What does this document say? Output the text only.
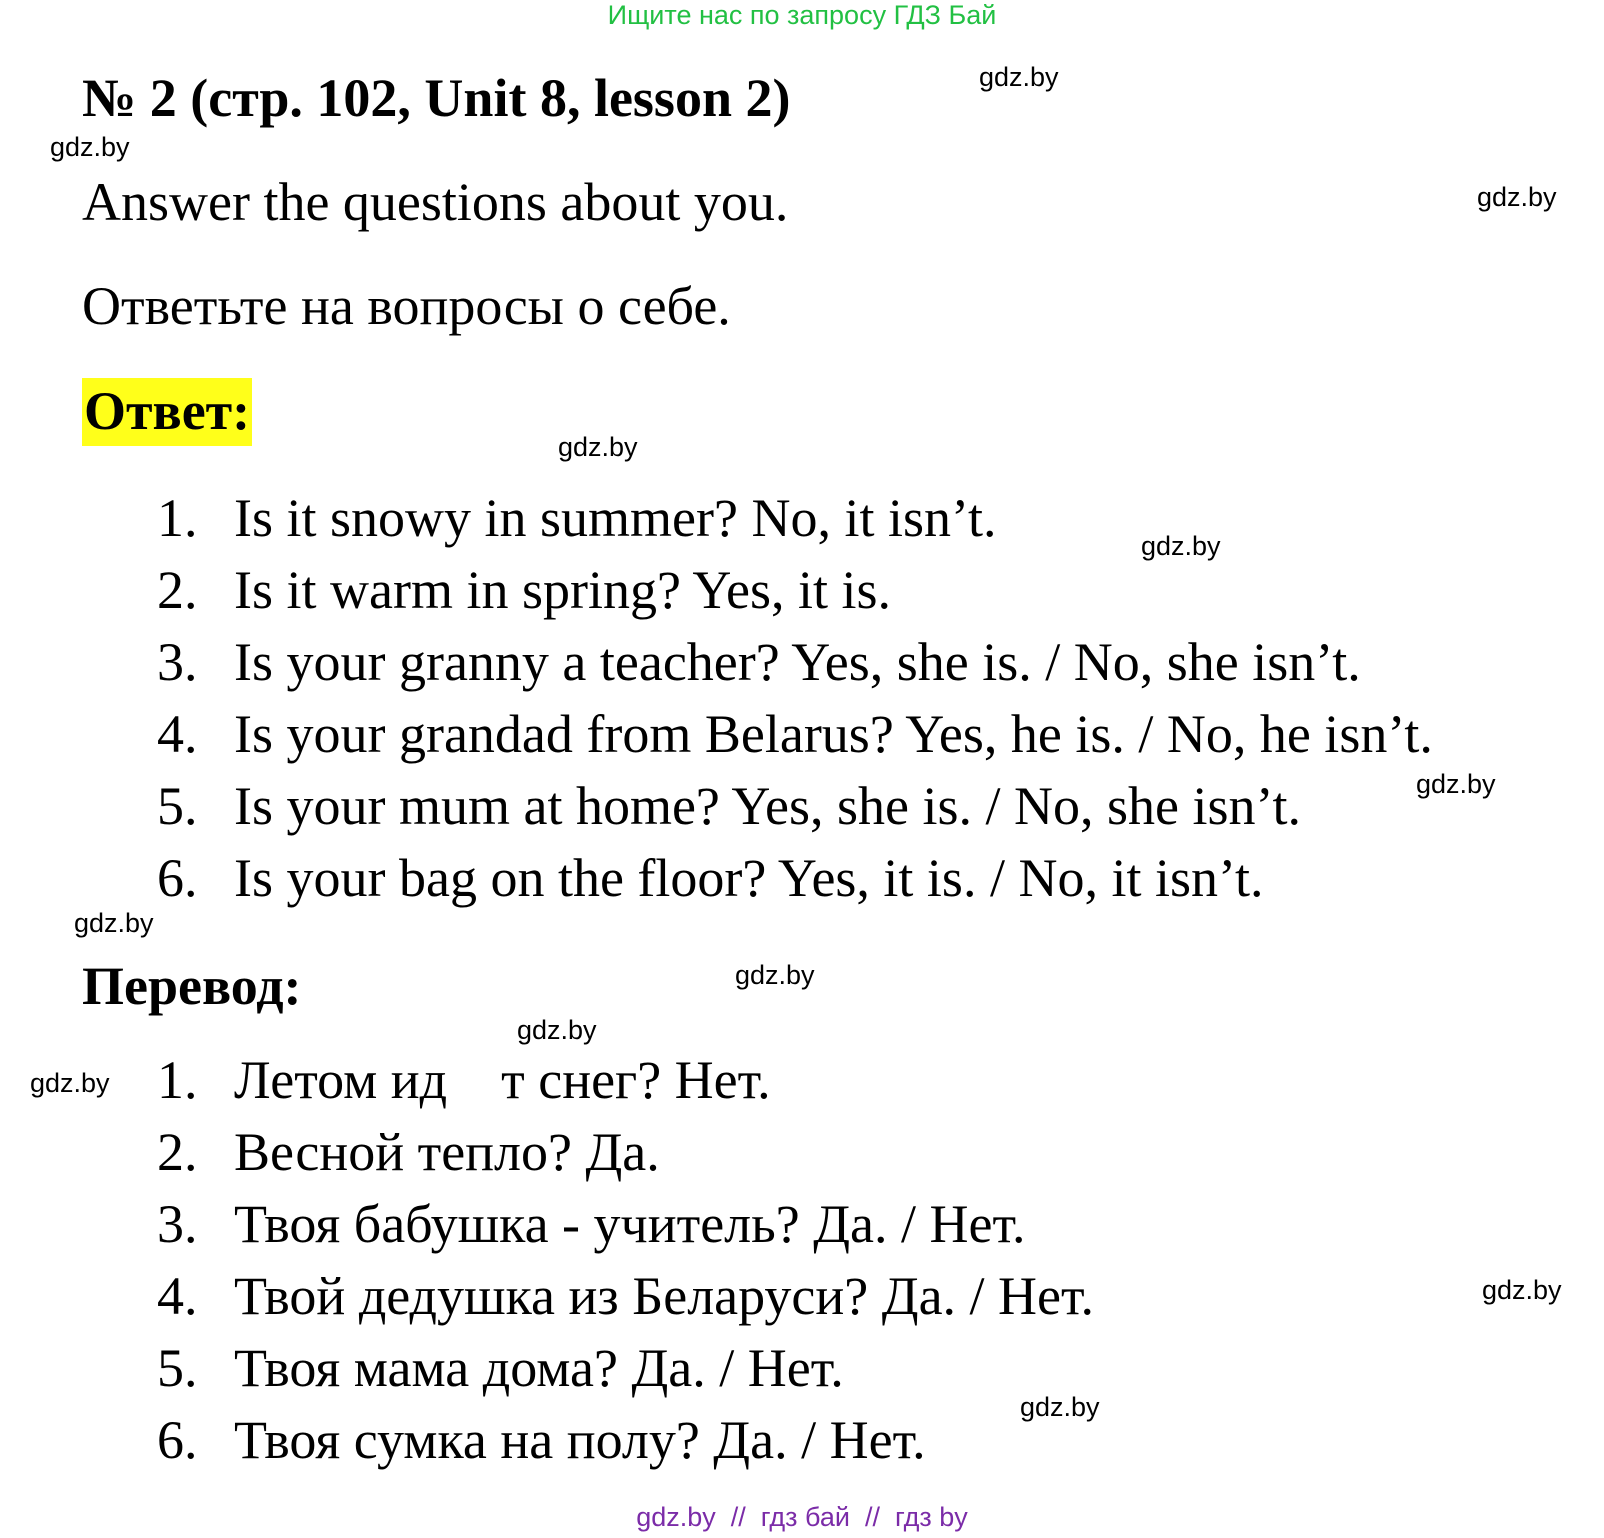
Ищите нас по запросу ГДЗ Бай
№ 2 (стр. 102, Unit 8, lesson 2)
Answer the questions about you.
Ответьте на вопросы о себе.
Ответ:
1. Is it snowy in summer? No, it isn’t.
2. Is it warm in spring? Yes, it is.
3. Is your granny a teacher? Yes, she is. / No, she isn’t.
4. Is your grandad from Belarus? Yes, he is. / No, he isn’t.
5. Is your mum at home? Yes, she is. / No, she isn’t.
6. Is your bag on the floor? Yes, it is. / No, it isn’t.
Перевод:
1. Летом ид    т снег? Нет.
2. Весной тепло? Да.
3. Твоя бабушка - учитель? Да. / Нет.
4. Твой дедушка из Беларуси? Да. / Нет.
5. Твоя мама дома? Да. / Нет.
6. Твоя сумка на полу? Да. / Нет.
gdz.by
gdz.by
gdz.by
gdz.by
gdz.by
gdz.by
gdz.by
gdz.by
gdz.by
gdz.by
gdz.by
gdz.by
gdz.by  //  гдз бай  //  гдз by
